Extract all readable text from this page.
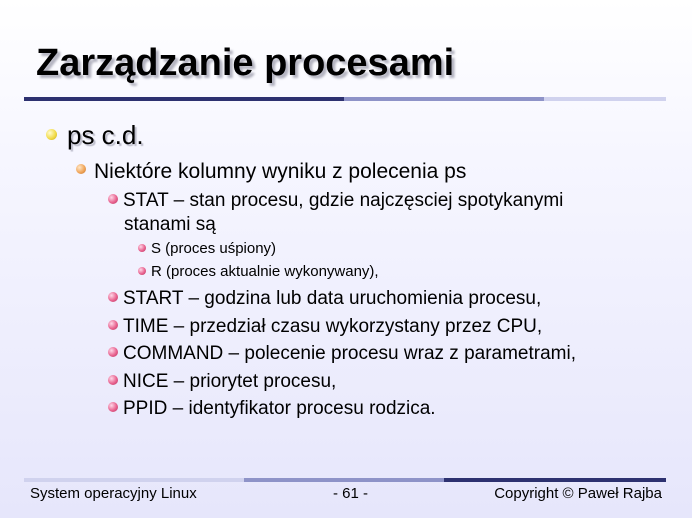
Zarządzanie procesami
ps c.d.
Niektóre kolumny wyniku z polecenia ps
STAT – stan procesu, gdzie najczęsciej spotykanymi
stanami są
S (proces uśpiony)
R (proces aktualnie wykonywany),
START – godzina lub data uruchomienia procesu,
TIME – przedział czasu wykorzystany przez CPU,
COMMAND – polecenie procesu wraz z parametrami,
NICE – priorytet procesu,
PPID – identyfikator procesu rodzica.
System operacyjny Linux	- 61 -	Copyright © Paweł Rajba
